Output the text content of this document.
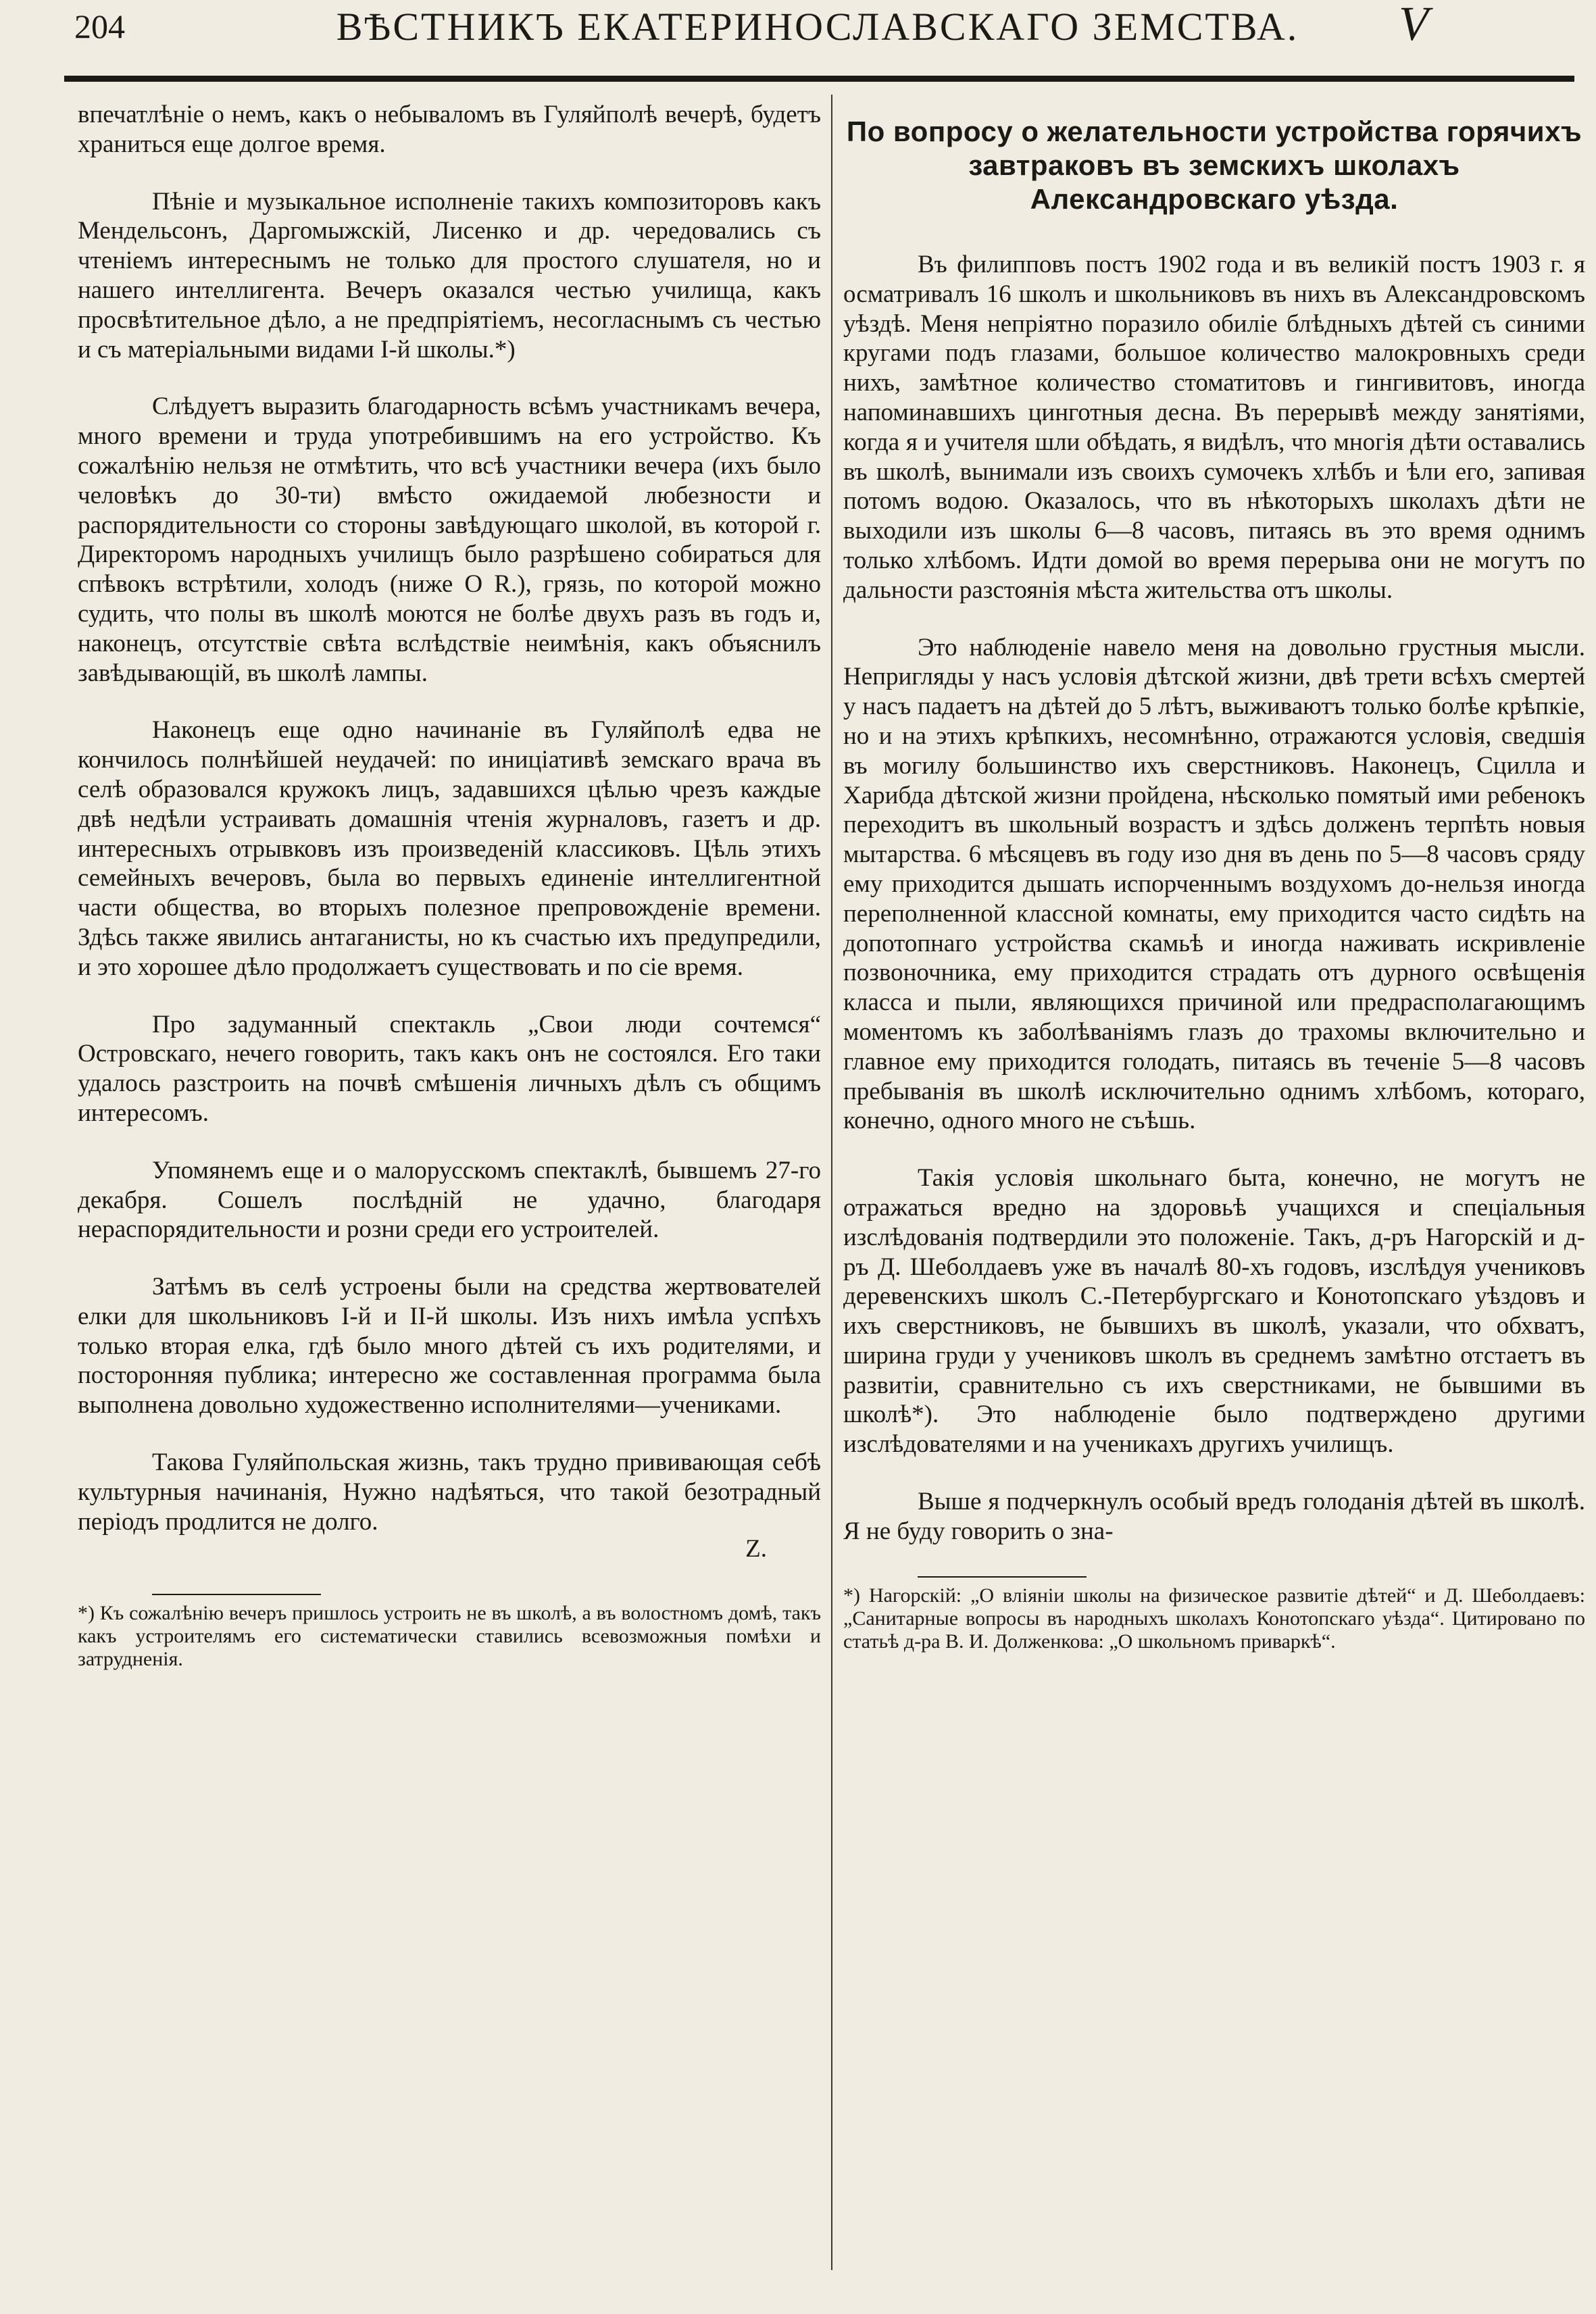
204	ВѢСТНИКЪ ЕКАТЕРИНОСЛАВСКАГО ЗЕМСТВА.	V

впечатлѣніе о немъ, какъ о небываломъ въ Гуляйполѣ вечерѣ, будетъ храниться еще долгое время.

Пѣніе и музыкальное исполненіе такихъ композиторовъ какъ Мендельсонъ, Даргомыжскій, Лисенко и др. чередовались съ чтеніемъ интереснымъ не только для простого слушателя, но и нашего интеллигента. Вечеръ оказался честью училища, какъ просвѣтительное дѣло, а не предпріятіемъ, несогласнымъ съ честью и съ матеріальными видами I-й школы.*)

Слѣдуетъ выразить благодарность всѣмъ участникамъ вечера, много времени и труда употребившимъ на его устройство. Къ сожалѣнію нельзя не отмѣтить, что всѣ участники вечера (ихъ было человѣкъ до 30-ти) вмѣсто ожидаемой любезности и распорядительности со стороны завѣдующаго школой, въ которой г. Директоромъ народныхъ училищъ было разрѣшено собираться для спѣвокъ встрѣтили, холодъ (ниже O R.), грязь, по которой можно судить, что полы въ школѣ моются не болѣе двухъ разъ въ годъ и, наконецъ, отсутствіе свѣта вслѣдствіе неимѣнія, какъ объяснилъ завѣдывающій, въ школѣ лампы.

Наконецъ еще одно начинаніе въ Гуляйполѣ едва не кончилось полнѣйшей неудачей: по иниціативѣ земскаго врача въ селѣ образовался кружокъ лицъ, задавшихся цѣлью чрезъ каждые двѣ недѣли устраивать домашнія чтенія журналовъ, газетъ и др. интересныхъ отрывковъ изъ произведеній классиковъ. Цѣль этихъ семейныхъ вечеровъ, была во первыхъ единеніе интеллигентной части общества, во вторыхъ полезное препровожденіе времени. Здѣсь также явились антаганисты, но къ счастью ихъ предупредили, и это хорошее дѣло продолжаетъ существовать и по сіе время.

Про задуманный спектакль „Свои люди сочтемся“ Островскаго, нечего говорить, такъ какъ онъ не состоялся. Его таки удалось разстроить на почвѣ смѣшенія личныхъ дѣлъ съ общимъ интересомъ.

Упомянемъ еще и о малорусскомъ спектаклѣ, бывшемъ 27-го декабря. Сошелъ послѣдній не удачно, благодаря нераспорядительности и розни среди его устроителей.

Затѣмъ въ селѣ устроены были на средства жертвователей елки для школьниковъ I-й и II-й школы. Изъ нихъ имѣла успѣхъ только вторая елка, гдѣ было много дѣтей съ ихъ родителями, и посторонняя публика; интересно же составленная программа была выполнена довольно художественно исполнителями—учениками.

Такова Гуляйпольская жизнь, такъ трудно прививающая себѣ культурныя начинанія, Нужно надѣяться, что такой безотрадный періодъ продлится не долго.

Z.

*) Къ сожалѣнію вечеръ пришлось устроить не въ школѣ, а въ волостномъ домѣ, такъ какъ устроителямъ его систематически ставились всевозможныя помѣхи и затрудненія.

По вопросу о желательности устройства горячихъ завтраковъ въ земскихъ школахъ Александровскаго уѣзда.

Въ филипповъ постъ 1902 года и въ великій постъ 1903 г. я осматривалъ 16 школъ и школьниковъ въ нихъ въ Александровскомъ уѣздѣ. Меня непріятно поразило обиліе блѣдныхъ дѣтей съ синими кругами подъ глазами, большое количество малокровныхъ среди нихъ, замѣтное количество стоматитовъ и гингивитовъ, иногда напоминавшихъ цинготныя десна. Въ перерывѣ между занятіями, когда я и учителя шли обѣдать, я видѣлъ, что многія дѣти оставались въ школѣ, вынимали изъ своихъ сумочекъ хлѣбъ и ѣли его, запивая потомъ водою. Оказалось, что въ нѣкоторыхъ школахъ дѣти не выходили изъ школы 6—8 часовъ, питаясь въ это время однимъ только хлѣбомъ. Идти домой во время перерыва они не могутъ по дальности разстоянія мѣста жительства отъ школы.

Это наблюденіе навело меня на довольно грустныя мысли. Непригляды у насъ условія дѣтской жизни, двѣ трети всѣхъ смертей у насъ падаетъ на дѣтей до 5 лѣтъ, выживаютъ только болѣе крѣпкіе, но и на этихъ крѣпкихъ, несомнѣнно, отражаются условія, сведшія въ могилу большинство ихъ сверстниковъ. Наконецъ, Сцилла и Харибда дѣтской жизни пройдена, нѣсколько помятый ими ребенокъ переходитъ въ школьный возрастъ и здѣсь долженъ терпѣть новыя мытарства. 6 мѣсяцевъ въ году изо дня въ день по 5—8 часовъ сряду ему приходится дышать испорченнымъ воздухомъ до-нельзя иногда переполненной классной комнаты, ему приходится часто сидѣть на допотопнаго устройства скамьѣ и иногда наживать искривленіе позвоночника, ему приходится страдать отъ дурного освѣщенія класса и пыли, являющихся причиной или предрасполагающимъ моментомъ къ заболѣваніямъ глазъ до трахомы включительно и главное ему приходится голодать, питаясь въ теченіе 5—8 часовъ пребыванія въ школѣ исключительно однимъ хлѣбомъ, котораго, конечно, одного много не съѣшь.

Такія условія школьнаго быта, конечно, не могутъ не отражаться вредно на здоровьѣ учащихся и спеціальныя изслѣдованія подтвердили это положеніе. Такъ, д-ръ Нагорскій и д-ръ Д. Шеболдаевъ уже въ началѣ 80-хъ годовъ, изслѣдуя учениковъ деревенскихъ школъ С.-Петербургскаго и Конотопскаго уѣздовъ и ихъ сверстниковъ, не бывшихъ въ школѣ, указали, что обхватъ, ширина груди у учениковъ школъ въ среднемъ замѣтно отстаетъ въ развитіи, сравнительно съ ихъ сверстниками, не бывшими въ школѣ*). Это наблюденіе было подтверждено другими изслѣдователями и на ученикахъ другихъ училищъ.

Выше я подчеркнулъ особый вредъ голоданія дѣтей въ школѣ. Я не буду говорить о зна-

*) Нагорскій: „О вліяніи школы на физическое развитіе дѣтей“ и Д. Шеболдаевъ: „Санитарные вопросы въ народныхъ школахъ Конотопскаго уѣзда“. Цитировано по статьѣ д-ра В. И. Долженкова: „О школьномъ приваркѣ“.
